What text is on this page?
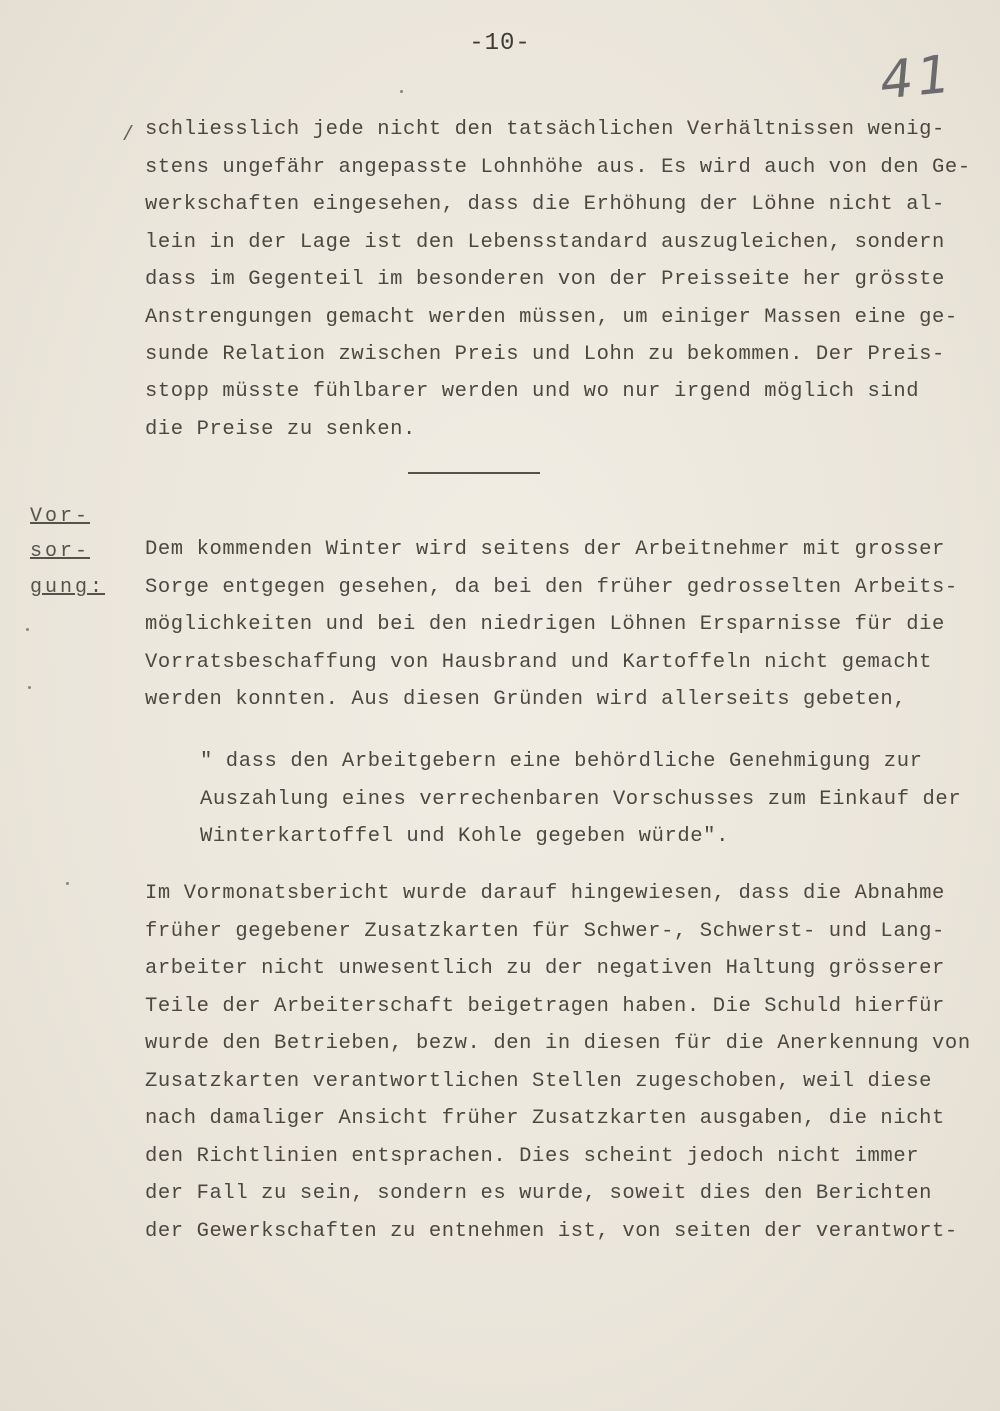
-10-
41
/ schliesslich jede nicht den tatsächlichen Verhältnissen wenig-
stens ungefähr angepasste Lohnhöhe aus. Es wird auch von den Ge-
werkschaften eingesehen, dass die Erhöhung der Löhne nicht al-
lein in der Lage ist den Lebensstandard auszugleichen, sondern
dass im Gegenteil im besonderen von der Preisseite her grösste
Anstrengungen gemacht werden müssen, um einiger Massen eine ge-
sunde Relation zwischen Preis und Lohn zu bekommen. Der Preis-
stopp müsste fühlbarer werden und wo nur irgend möglich sind
die Preise zu senken.
Vor-
sor-
gung:
Dem kommenden Winter wird seitens der Arbeitnehmer mit grosser
Sorge entgegen gesehen, da bei den früher gedrosselten Arbeits-
möglichkeiten und bei den niedrigen Löhnen Ersparnisse für die
Vorratsbeschaffung von Hausbrand und Kartoffeln nicht gemacht
werden konnten. Aus diesen Gründen wird allerseits gebeten,
" dass den Arbeitgebern eine behördliche Genehmigung zur
Auszahlung eines verrechenbaren Vorschusses zum Einkauf der
Winterkartoffel und Kohle gegeben würde".
Im Vormonatsbericht wurde darauf hingewiesen, dass die Abnahme
früher gegebener Zusatzkarten für Schwer-, Schwerst- und Lang-
arbeiter nicht unwesentlich zu der negativen Haltung grösserer
Teile der Arbeiterschaft beigetragen haben. Die Schuld hierfür
wurde den Betrieben, bezw. den in diesen für die Anerkennung von
Zusatzkarten verantwortlichen Stellen zugeschoben, weil diese
nach damaliger Ansicht früher Zusatzkarten ausgaben, die nicht
den Richtlinien entsprachen. Dies scheint jedoch nicht immer
der Fall zu sein, sondern es wurde, soweit dies den Berichten
der Gewerkschaften zu entnehmen ist, von seiten der verantwort-
